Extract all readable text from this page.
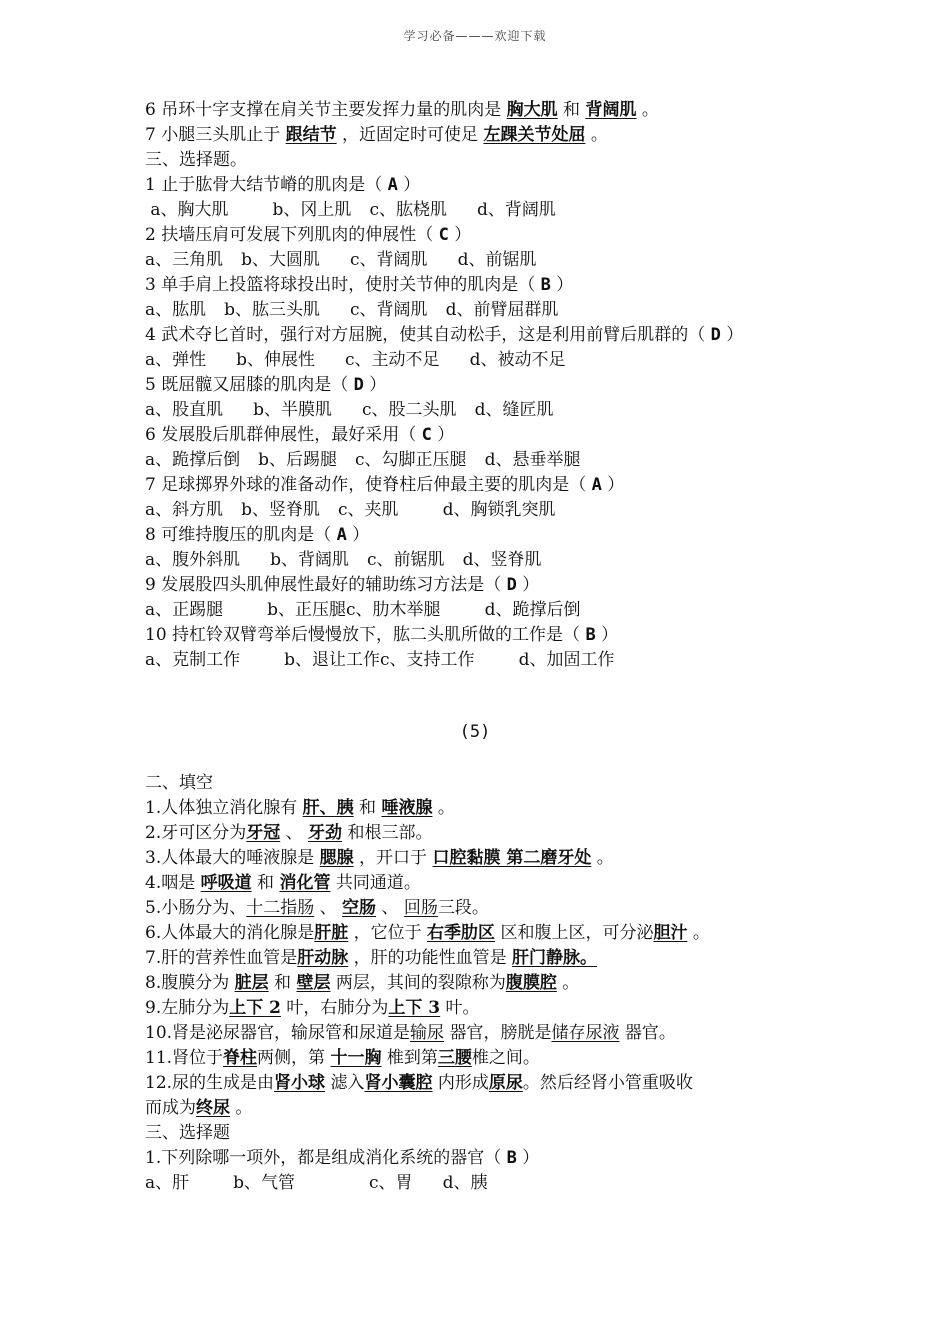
学习必备———欢迎下载
6 吊环十字支撑在肩关节主要发挥力量的肌肉是 胸大肌 和 背阔肌 。
7 小腿三头肌止于 跟结节 ，近固定时可使足 左踝关节处屈 。
三、选择题。
1 止于肱骨大结节嵴的肌肉是（ A ）
a、胸大肌	b、冈上肌 c、肱桡肌 d、背阔肌
2 扶墙压肩可发展下列肌肉的伸展性（ C ）
a、三角肌 b、大圆肌 c、背阔肌 d、前锯肌
3 单手肩上投篮将球投出时，使肘关节伸的肌肉是（ B ）
a、肱肌 b、肱三头肌 c、背阔肌 d、前臂屈群肌
4 武术夺匕首时，强行对方屈腕，使其自动松手，这是利用前臂后肌群的（ D ）
a、弹性 b、伸展性 c、主动不足 d、被动不足
5 既屈髋又屈膝的肌肉是（ D ）
a、股直肌 b、半膜肌 c、股二头肌 d、缝匠肌
6 发展股后肌群伸展性，最好采用（ C ）
a、跪撑后倒 b、后踢腿 c、勾脚正压腿 d、悬垂举腿
7 足球掷界外球的准备动作，使脊柱后伸最主要的肌肉是（ A ）
a、斜方肌 b、竖脊肌 c、夹肌	d、胸锁乳突肌
8 可维持腹压的肌肉是（ A ）
a、腹外斜肌 b、背阔肌 c、前锯肌 d、竖脊肌
9 发展股四头肌伸展性最好的辅助练习方法是（ D ）
a、正踢腿	b、正压腿c、肋木举腿	d、跪撑后倒
10 持杠铃双臂弯举后慢慢放下，肱二头肌所做的工作是（ B ）
a、克制工作	b、退让工作c、支持工作	d、加固工作
(5)
二、填空
1.人体独立消化腺有 肝、胰 和 唾液腺 。
2.牙可区分为牙冠 、 牙劲 和根三部。
3.人体最大的唾液腺是 腮腺 ，开口于 口腔黏膜 第二磨牙处 。
4.咽是 呼吸道 和 消化管 共同通道。
5.小肠分为、十二指肠 、 空肠 、 回肠三段。
6.人体最大的消化腺是肝脏 ，它位于 右季肋区 区和腹上区，可分泌胆汁 。
7.肝的营养性血管是肝动脉 ，肝的功能性血管是 肝门静脉。
8.腹膜分为 脏层 和 壁层 两层，其间的裂隙称为腹膜腔 。
9.左肺分为上下 2 叶，右肺分为上下 3 叶。
10.肾是泌尿器官，输尿管和尿道是输尿 器官，膀胱是储存尿液 器官。
11.肾位于脊柱两侧，第 十一胸 椎到第三腰椎之间。
12.尿的生成是由肾小球 滤入肾小囊腔 内形成原尿。然后经肾小管重吸收
而成为终尿 。
三、选择题
1.下列除哪一项外，都是组成消化系统的器官（ B ）
a、肝	b、气管	c、胃 d、胰
